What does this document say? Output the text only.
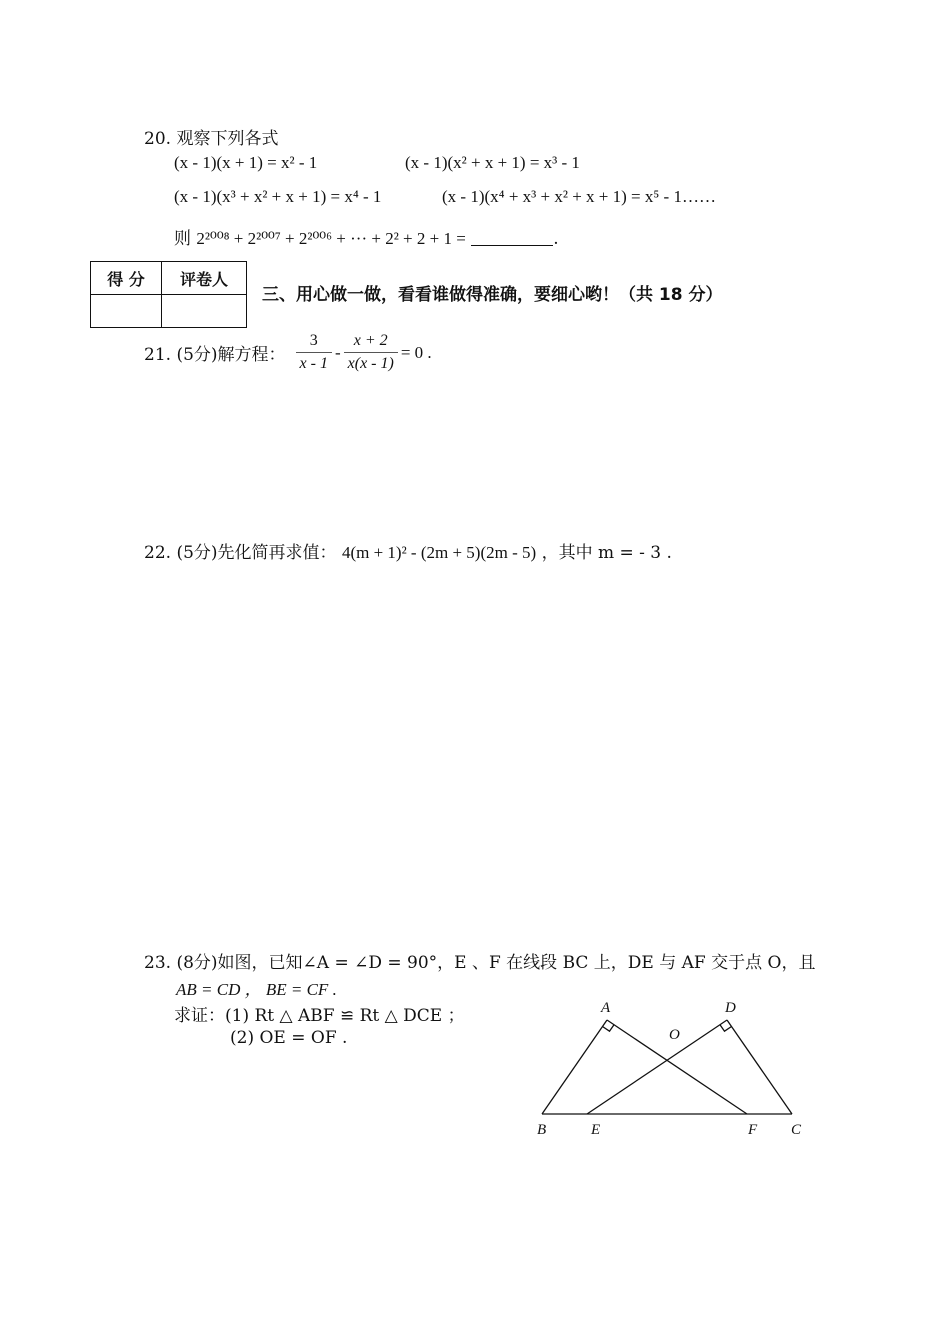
20. 观察下列各式
(x - 1)(x + 1) = x² - 1	(x - 1)(x² + x + 1) = x³ - 1
(x - 1)(x³ + x² + x + 1) = x⁴ - 1	(x - 1)(x⁴ + x³ + x² + x + 1) = x⁵ - 1……
则 2²⁰⁰⁸ + 2²⁰⁰⁷ + 2²⁰⁰⁶ + ··· + 2² + 2 + 1 =	.
得 分	评卷人

三、用心做一做，看看谁做得准确，要细心哟！（共 18 分）
21. (5分)解方程： $\frac{3}{x - 1} - \frac{x + 2}{x(x - 1)} = 0$ .
22. (5分)先化简再求值： 4(m + 1)² - (2m + 5)(2m - 5) ，其中 m = - 3 .
23. (8分)如图，已知∠A = ∠D = 90°，E 、F 在线段 BC 上，DE 与 AF 交于点 O，且
AB = CD ， BE = CF .
求证：(1) Rt △ ABF ≌ Rt △ DCE ；
(2) OE = OF .
A	D
O
B	E	F C
